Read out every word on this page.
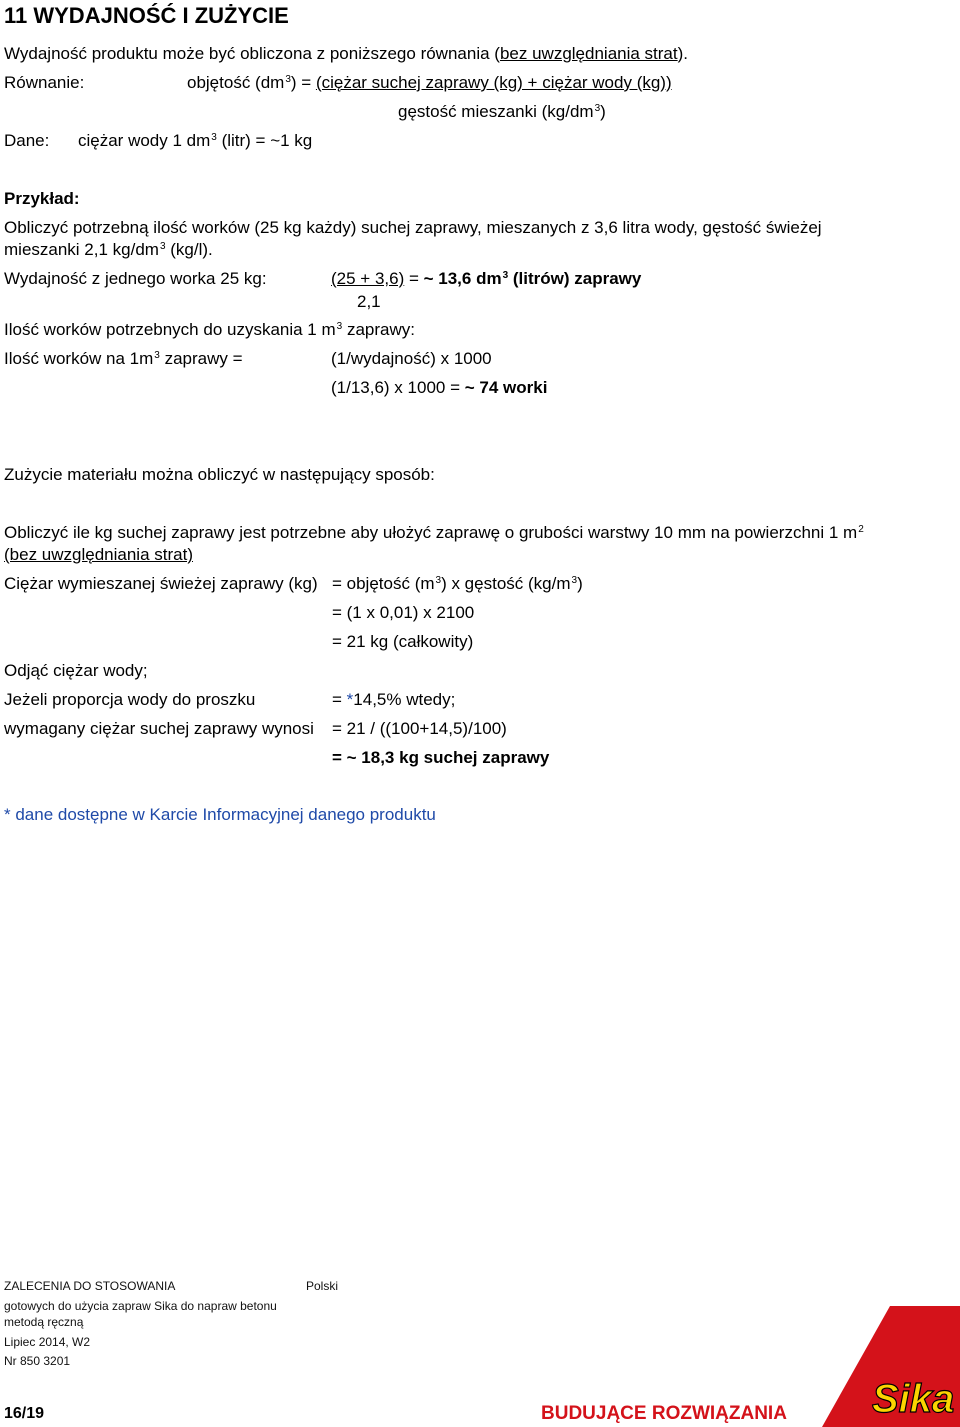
11 WYDAJNOŚĆ I ZUŻYCIE
Wydajność produktu może być obliczona z poniższego równania (bez uwzględniania strat).
Równanie:	objętość $(dm^3)$ = (ciężar suchej zaprawy (kg) + ciężar wody (kg))
gęstość mieszanki $(kg/dm^3)$
Dane: ciężar wody 1 $dm^3$ (litr) = ~1 kg
Przykład:
Obliczyć potrzebną ilość worków (25 kg każdy) suchej zaprawy, mieszanych z 3,6 litra wody, gęstość świeżej
mieszanki 2,1 $kg/dm^3$ (kg/l).
Wydajność z jednego worka 25 kg:	(25 + 3,6) = ~ 13,6 $dm^3$ (litrów) zaprawy
2,1
Ilość worków potrzebnych do uzyskania 1 $m^3$ zaprawy:
Ilość worków na $1m^3$ zaprawy =	(1/wydajność) x 1000
(1/13,6) x 1000 = ~ 74 worki
Zużycie materiału można obliczyć w następujący sposób:
Obliczyć ile kg suchej zaprawy jest potrzebne aby ułożyć zaprawę o grubości warstwy 10 mm na powierzchni 1 $m^2$
(bez uwzględniania strat)
Ciężar wymieszanej świeżej zaprawy (kg) = objętość $(m^3)$ x gęstość $(kg/m^3)$
= (1 x 0,01) x 2100
= 21 kg (całkowity)
Odjąć ciężar wody;
Jeżeli proporcja wody do proszku	= *14,5% wtedy;
wymagany ciężar suchej zaprawy wynosi = 21 / ((100+14,5)/100)
= ~ 18,3 kg suchej zaprawy
* dane dostępne w Karcie Informacyjnej danego produktu
ZALECENIA DO STOSOWANIA	Polski
gotowych do użycia zapraw Sika do napraw betonu
metodą ręczną
Lipiec 2014, W2
Nr 850 3201
16/19	BUDUJĄCE ROZWIĄZANIA Sika
